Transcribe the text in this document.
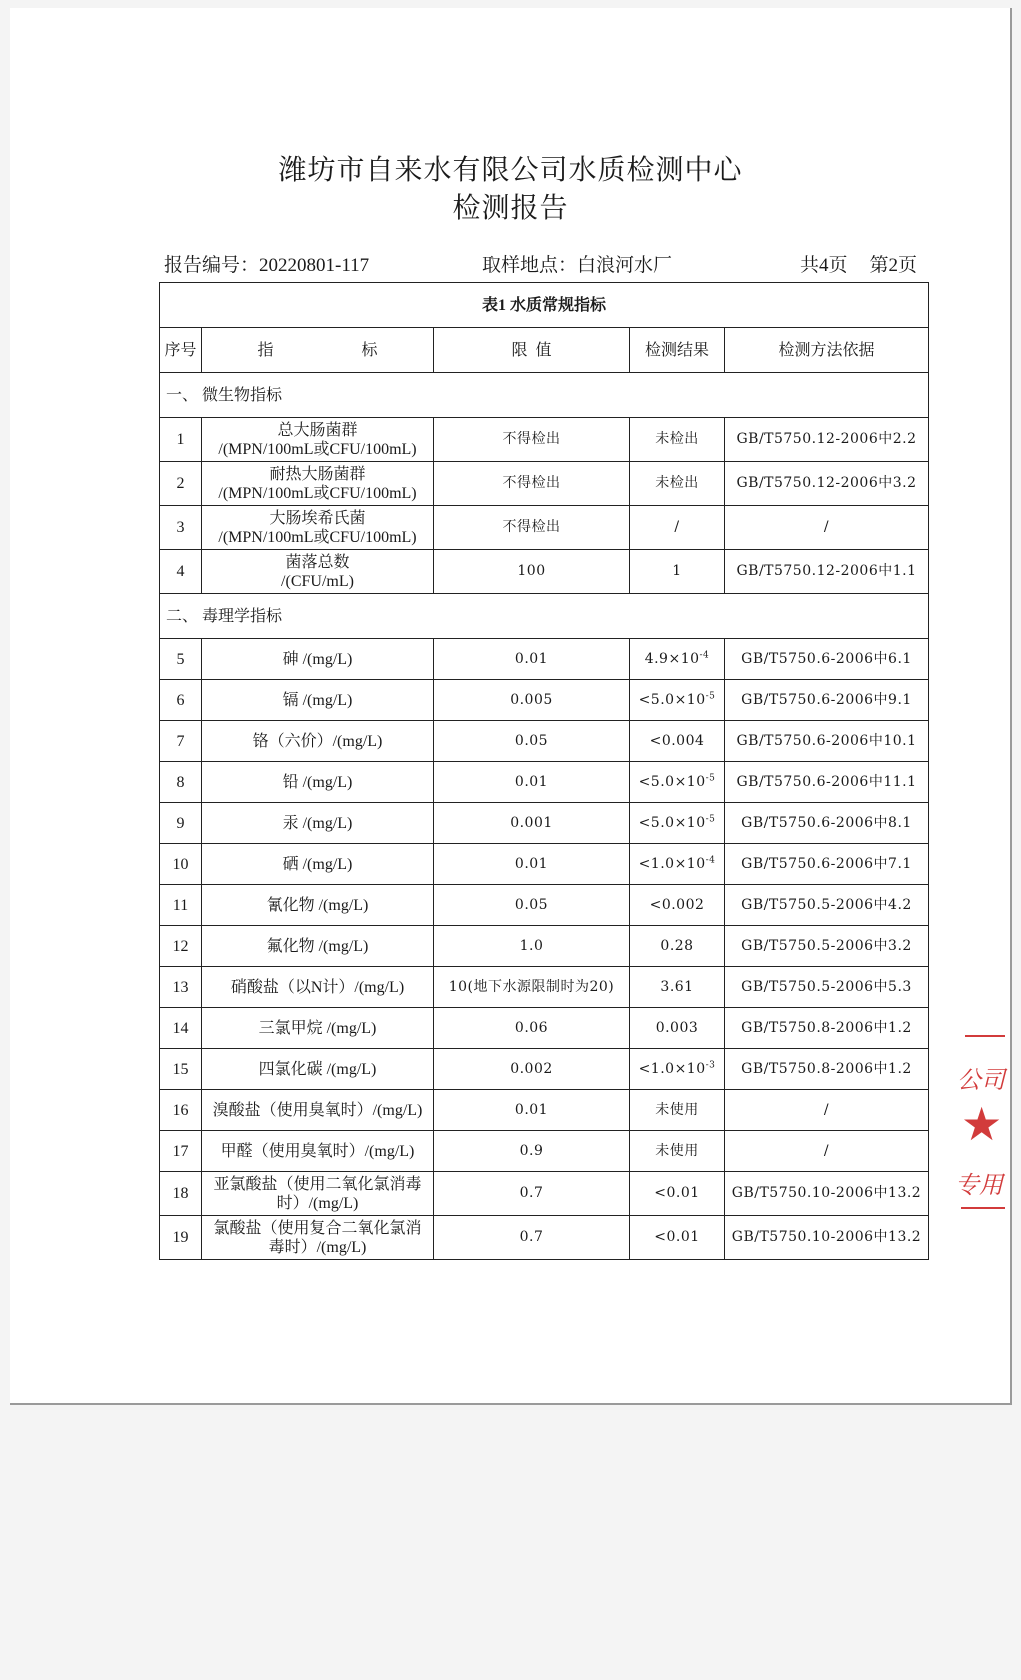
潍坊市自来水有限公司水质检测中心
检测报告
报告编号：20220801-117	取样地点：白浪河水厂	共4页 第2页
表1 水质常规指标				
序号	指  标	限  值	检测结果	检测方法依据
一、 微生物指标				
1	总大肠菌群
/(MPN/100mL或CFU/100mL)	不得检出	未检出	GB/T5750.12-2006中2.2
2	耐热大肠菌群
/(MPN/100mL或CFU/100mL)	不得检出	未检出	GB/T5750.12-2006中3.2
3	大肠埃希氏菌
/(MPN/100mL或CFU/100mL)	不得检出	/	/
4	菌落总数
/(CFU/mL)	100	1	GB/T5750.12-2006中1.1
二、 毒理学指标				
5	砷 /(mg/L)	0.01	$4.9\times 10^{-4}$	GB/T5750.6-2006中6.1
6	镉 /(mg/L)	0.005	$<5.0\times 10^{-5}$	GB/T5750.6-2006中9.1
7	铬（六价）/(mg/L)	0.05	<0.004	GB/T5750.6-2006中10.1
8	铅 /(mg/L)	0.01	$<5.0\times 10^{-5}$	GB/T5750.6-2006中11.1
9	汞 /(mg/L)	0.001	$<5.0\times 10^{-5}$	GB/T5750.6-2006中8.1
10	硒 /(mg/L)	0.01	$<1.0\times 10^{-4}$	GB/T5750.6-2006中7.1
11	氰化物 /(mg/L)	0.05	<0.002	GB/T5750.5-2006中4.2
12	氟化物 /(mg/L)	1.0	0.28	GB/T5750.5-2006中3.2
13	硝酸盐（以N计）/(mg/L)	10(地下水源限制时为20)	3.61	GB/T5750.5-2006中5.3
14	三氯甲烷 /(mg/L)	0.06	0.003	GB/T5750.8-2006中1.2
15	四氯化碳 /(mg/L)	0.002	$<1.0\times 10^{-3}$	GB/T5750.8-2006中1.2
16	溴酸盐（使用臭氧时）/(mg/L)	0.01	未使用	/
17	甲醛（使用臭氧时）/(mg/L)	0.9	未使用	/
18	亚氯酸盐（使用二氧化氯消毒
时）/(mg/L)	0.7	<0.01	GB/T5750.10-2006中13.2
19	氯酸盐（使用复合二氧化氯消
毒时）/(mg/L)	0.7	<0.01	GB/T5750.10-2006中13.2
公司
★
专用
